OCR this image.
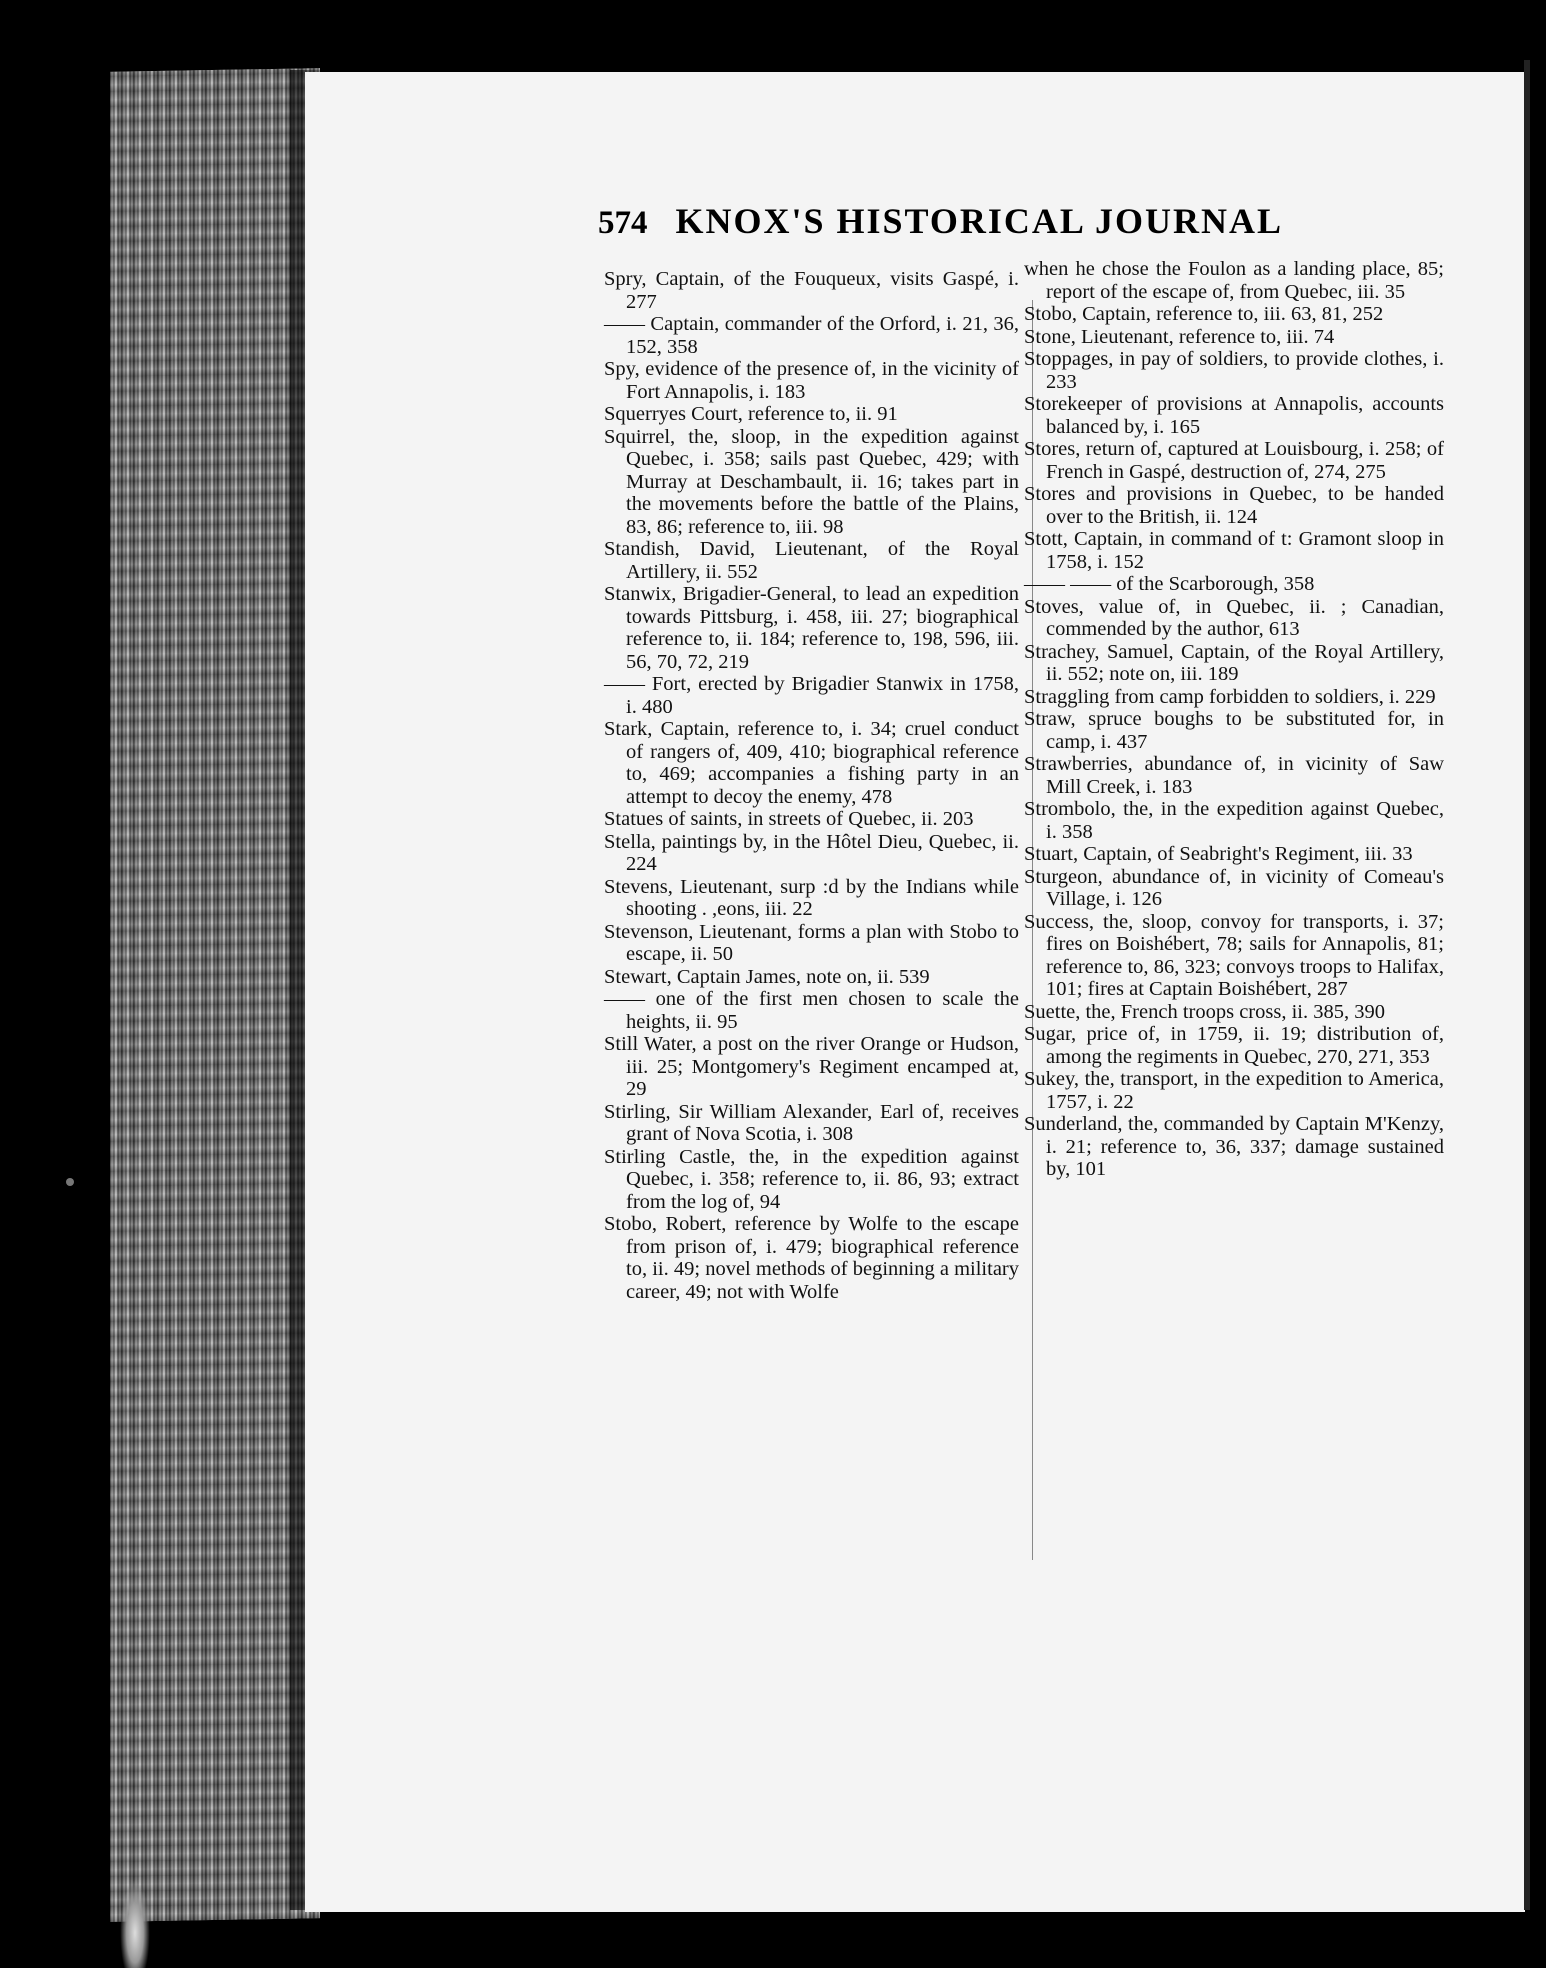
574 KNOX'S HISTORICAL JOURNAL

Spry, Captain, of the Fouqueux, visits Gaspé, i. 277

—— Captain, commander of the Orford, i. 21, 36, 152, 358

Spy, evidence of the presence of, in the vicinity of Fort Annapolis, i. 183

Squerryes Court, reference to, ii. 91

Squirrel, the, sloop, in the expedition against Quebec, i. 358; sails past Quebec, 429; with Murray at Deschambault, ii. 16; takes part in the movements before the battle of the Plains, 83, 86; reference to, iii. 98

Standish, David, Lieutenant, of the Royal Artillery, ii. 552

Stanwix, Brigadier-General, to lead an expedition towards Pittsburg, i. 458, iii. 27; biographical reference to, ii. 184; reference to, 198, 596, iii. 56, 70, 72, 219

—— Fort, erected by Brigadier Stanwix in 1758, i. 480

Stark, Captain, reference to, i. 34; cruel conduct of rangers of, 409, 410; biographical reference to, 469; accompanies a fishing party in an attempt to decoy the enemy, 478

Statues of saints, in streets of Quebec, ii. 203

Stella, paintings by, in the Hôtel Dieu, Quebec, ii. 224

Stevens, Lieutenant, surp :d by the Indians while shooting . ,eons, iii. 22

Stevenson, Lieutenant, forms a plan with Stobo to escape, ii. 50

Stewart, Captain James, note on, ii. 539

—— one of the first men chosen to scale the heights, ii. 95

Still Water, a post on the river Orange or Hudson, iii. 25; Montgomery's Regiment encamped at, 29

Stirling, Sir William Alexander, Earl of, receives grant of Nova Scotia, i. 308

Stirling Castle, the, in the expedition against Quebec, i. 358; reference to, ii. 86, 93; extract from the log of, 94

Stobo, Robert, reference by Wolfe to the escape from prison of, i. 479; biographical reference to, ii. 49; novel methods of beginning a military career, 49; not with Wolfe

when he chose the Foulon as a landing place, 85; report of the escape of, from Quebec, iii. 35

Stobo, Captain, reference to, iii. 63, 81, 252

Stone, Lieutenant, reference to, iii. 74

Stoppages, in pay of soldiers, to provide clothes, i. 233

Storekeeper of provisions at Annapolis, accounts balanced by, i. 165

Stores, return of, captured at Louisbourg, i. 258; of French in Gaspé, destruction of, 274, 275

Stores and provisions in Quebec, to be handed over to the British, ii. 124

Stott, Captain, in command of t: Gramont sloop in 1758, i. 152

—— —— of the Scarborough, 358

Stoves, value of, in Quebec, ii. ; Canadian, commended by the author, 613

Strachey, Samuel, Captain, of the Royal Artillery, ii. 552; note on, iii. 189

Straggling from camp forbidden to soldiers, i. 229

Straw, spruce boughs to be substituted for, in camp, i. 437

Strawberries, abundance of, in vicinity of Saw Mill Creek, i. 183

Strombolo, the, in the expedition against Quebec, i. 358

Stuart, Captain, of Seabright's Regiment, iii. 33

Sturgeon, abundance of, in vicinity of Comeau's Village, i. 126

Success, the, sloop, convoy for transports, i. 37; fires on Boishébert, 78; sails for Annapolis, 81; reference to, 86, 323; convoys troops to Halifax, 101; fires at Captain Boishébert, 287

Suette, the, French troops cross, ii. 385, 390

Sugar, price of, in 1759, ii. 19; distribution of, among the regiments in Quebec, 270, 271, 353

Sukey, the, transport, in the expedition to America, 1757, i. 22

Sunderland, the, commanded by Captain M'Kenzy, i. 21; reference to, 36, 337; damage sustained by, 101
